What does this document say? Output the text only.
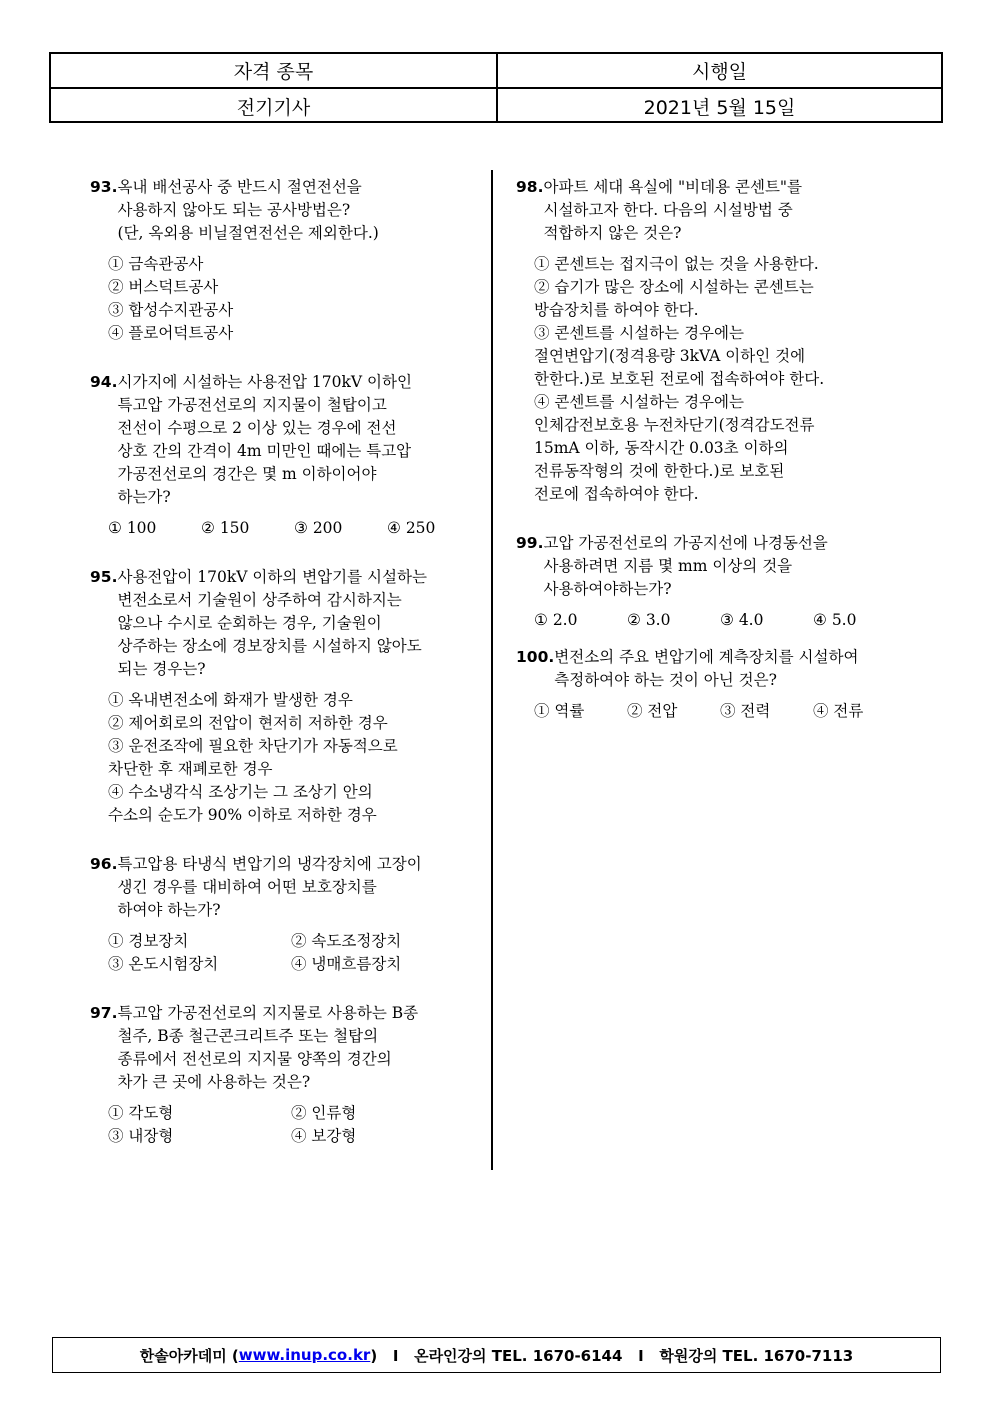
자격 종목	시행일
전기기사	2021년 5월 15일
93. 옥내 배선공사 중 반드시 절연전선을
사용하지 않아도 되는 공사방법은?
(단, 옥외용 비닐절연전선은 제외한다.)
① 금속관공사
② 버스덕트공사
③ 합성수지관공사
④ 플로어덕트공사
94. 시가지에 시설하는 사용전압 170kV 이하인
특고압 가공전선로의 지지물이 철탑이고
전선이 수평으로 2 이상 있는 경우에 전선
상호 간의 간격이 4m 미만인 때에는 특고압
가공전선로의 경간은 몇 m 이하이어야
하는가?
① 100	② 150	③ 200	④ 250
95. 사용전압이 170kV 이하의 변압기를 시설하는
변전소로서 기술원이 상주하여 감시하지는
않으나 수시로 순회하는 경우, 기술원이
상주하는 장소에 경보장치를 시설하지 않아도
되는 경우는?
① 옥내변전소에 화재가 발생한 경우
② 제어회로의 전압이 현저히 저하한 경우
③ 운전조작에 필요한 차단기가 자동적으로
차단한 후 재폐로한 경우
④ 수소냉각식 조상기는 그 조상기 안의
수소의 순도가 90% 이하로 저하한 경우
96. 특고압용 타냉식 변압기의 냉각장치에 고장이
생긴 경우를 대비하여 어떤 보호장치를
하여야 하는가?
① 경보장치	② 속도조정장치
③ 온도시험장치	④ 냉매흐름장치
97. 특고압 가공전선로의 지지물로 사용하는 B종
철주, B종 철근콘크리트주 또는 철탑의
종류에서 전선로의 지지물 양쪽의 경간의
차가 큰 곳에 사용하는 것은?
① 각도형	② 인류형
③ 내장형	④ 보강형
98. 아파트 세대 욕실에 "비데용 콘센트"를
시설하고자 한다. 다음의 시설방법 중
적합하지 않은 것은?
① 콘센트는 접지극이 없는 것을 사용한다.
② 습기가 많은 장소에 시설하는 콘센트는
방습장치를 하여야 한다.
③ 콘센트를 시설하는 경우에는
절연변압기(정격용량 3kVA 이하인 것에
한한다.)로 보호된 전로에 접속하여야 한다.
④ 콘센트를 시설하는 경우에는
인체감전보호용 누전차단기(정격감도전류
15mA 이하, 동작시간 0.03초 이하의
전류동작형의 것에 한한다.)로 보호된
전로에 접속하여야 한다.
99. 고압 가공전선로의 가공지선에 나경동선을
사용하려면 지름 몇 mm 이상의 것을
사용하여야하는가?
① 2.0	② 3.0	③ 4.0	④ 5.0
100. 변전소의 주요 변압기에 계측장치를 시설하여
측정하여야 하는 것이 아닌 것은?
① 역률	② 전압	③ 전력	④ 전류
한솔아카데미 ( www.inup.co.kr )   I   온라인강의 TEL. 1670-6144   I   학원강의 TEL. 1670-7113
